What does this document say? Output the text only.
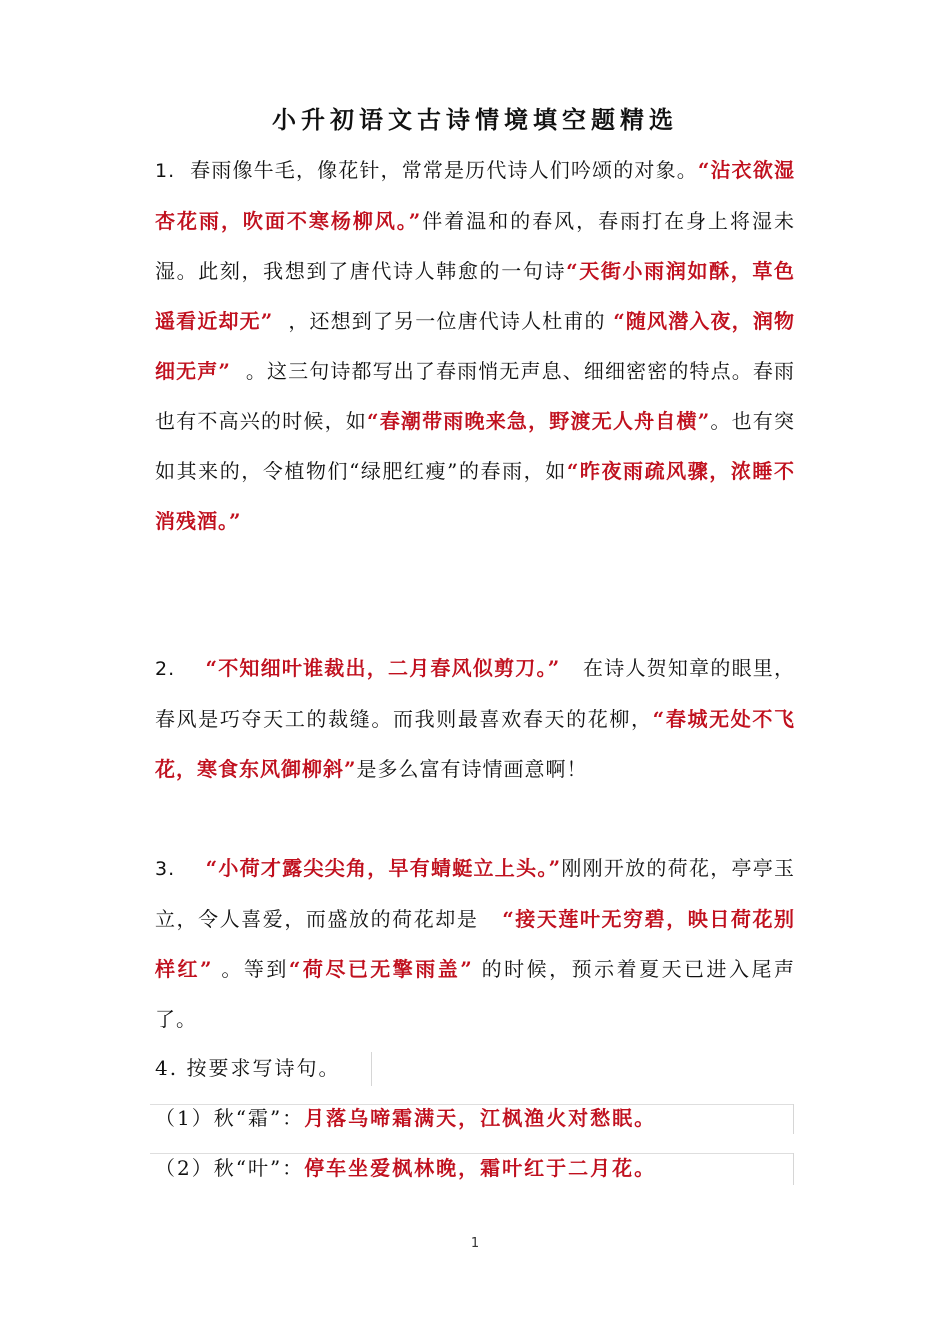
小升初语文古诗情境填空题精选

1. 春雨像牛毛，像花针，常常是历代诗人们吟颂的对象。“沾衣欲湿杏花雨，吹面不寒杨柳风。”伴着温和的春风，春雨打在身上将湿未湿。此刻，我想到了唐代诗人韩愈的一句诗“天街小雨润如酥，草色遥看近却无” ，还想到了另一位唐代诗人杜甫的 “随风潜入夜，润物细无声” 。这三句诗都写出了春雨悄无声息、细细密密的特点。春雨也有不高兴的时候，如“春潮带雨晚来急，野渡无人舟自横”。也有突如其来的，令植物们“绿肥红瘦”的春雨，如“昨夜雨疏风骤，浓睡不消残酒。”

2. “不知细叶谁裁出，二月春风似剪刀。” 在诗人贺知章的眼里，春风是巧夺天工的裁缝。而我则最喜欢春天的花柳，“春城无处不飞花，寒食东风御柳斜”是多么富有诗情画意啊！

3. “小荷才露尖尖角，早有蜻蜓立上头。”刚刚开放的荷花，亭亭玉立，令人喜爱，而盛放的荷花却是 “接天莲叶无穷碧，映日荷花别样红” 。等到“荷尽已无擎雨盖” 的时候，预示着夏天已进入尾声了。

4. 按要求写诗句。
（1）秋“霜”：月落乌啼霜满天，江枫渔火对愁眠。
（2）秋“叶”：停车坐爱枫林晚，霜叶红于二月花。
1
